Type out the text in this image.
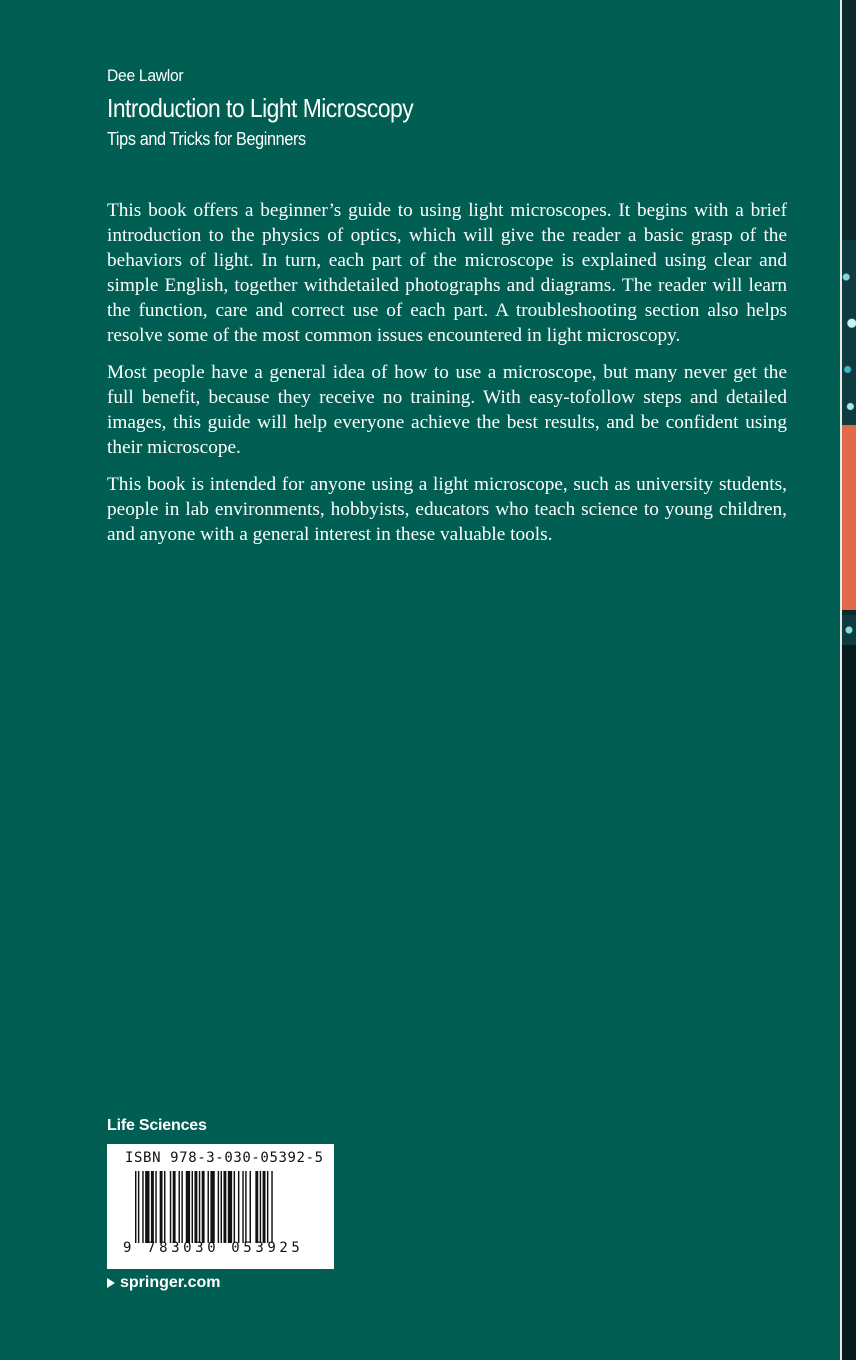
Dee Lawlor
Introduction to Light Microscopy
Tips and Tricks for Beginners

This book offers a beginner’s guide to using light microscopes. It begins with a brief introduction to the physics of optics, which will give the reader a basic grasp of the behaviors of light. In turn, each part of the microscope is explained using clear and simple English, together withdetailed photographs and diagrams. The reader will learn the function, care and correct use of each part. A troubleshooting section also helps resolve some of the most common issues encountered in light microscopy.

Most people have a general idea of how to use a microscope, but many never get the full benefit, because they receive no training. With easy-tofollow steps and detailed images, this guide will help everyone achieve the best results, and be confident using their microscope.

This book is intended for anyone using a light microscope, such as university students, people in lab environments, hobbyists, educators who teach science to young children, and anyone with a general interest in these valuable tools.

Life Sciences
ISBN 978-3-030-05392-5
9 783030 053925
springer.com
